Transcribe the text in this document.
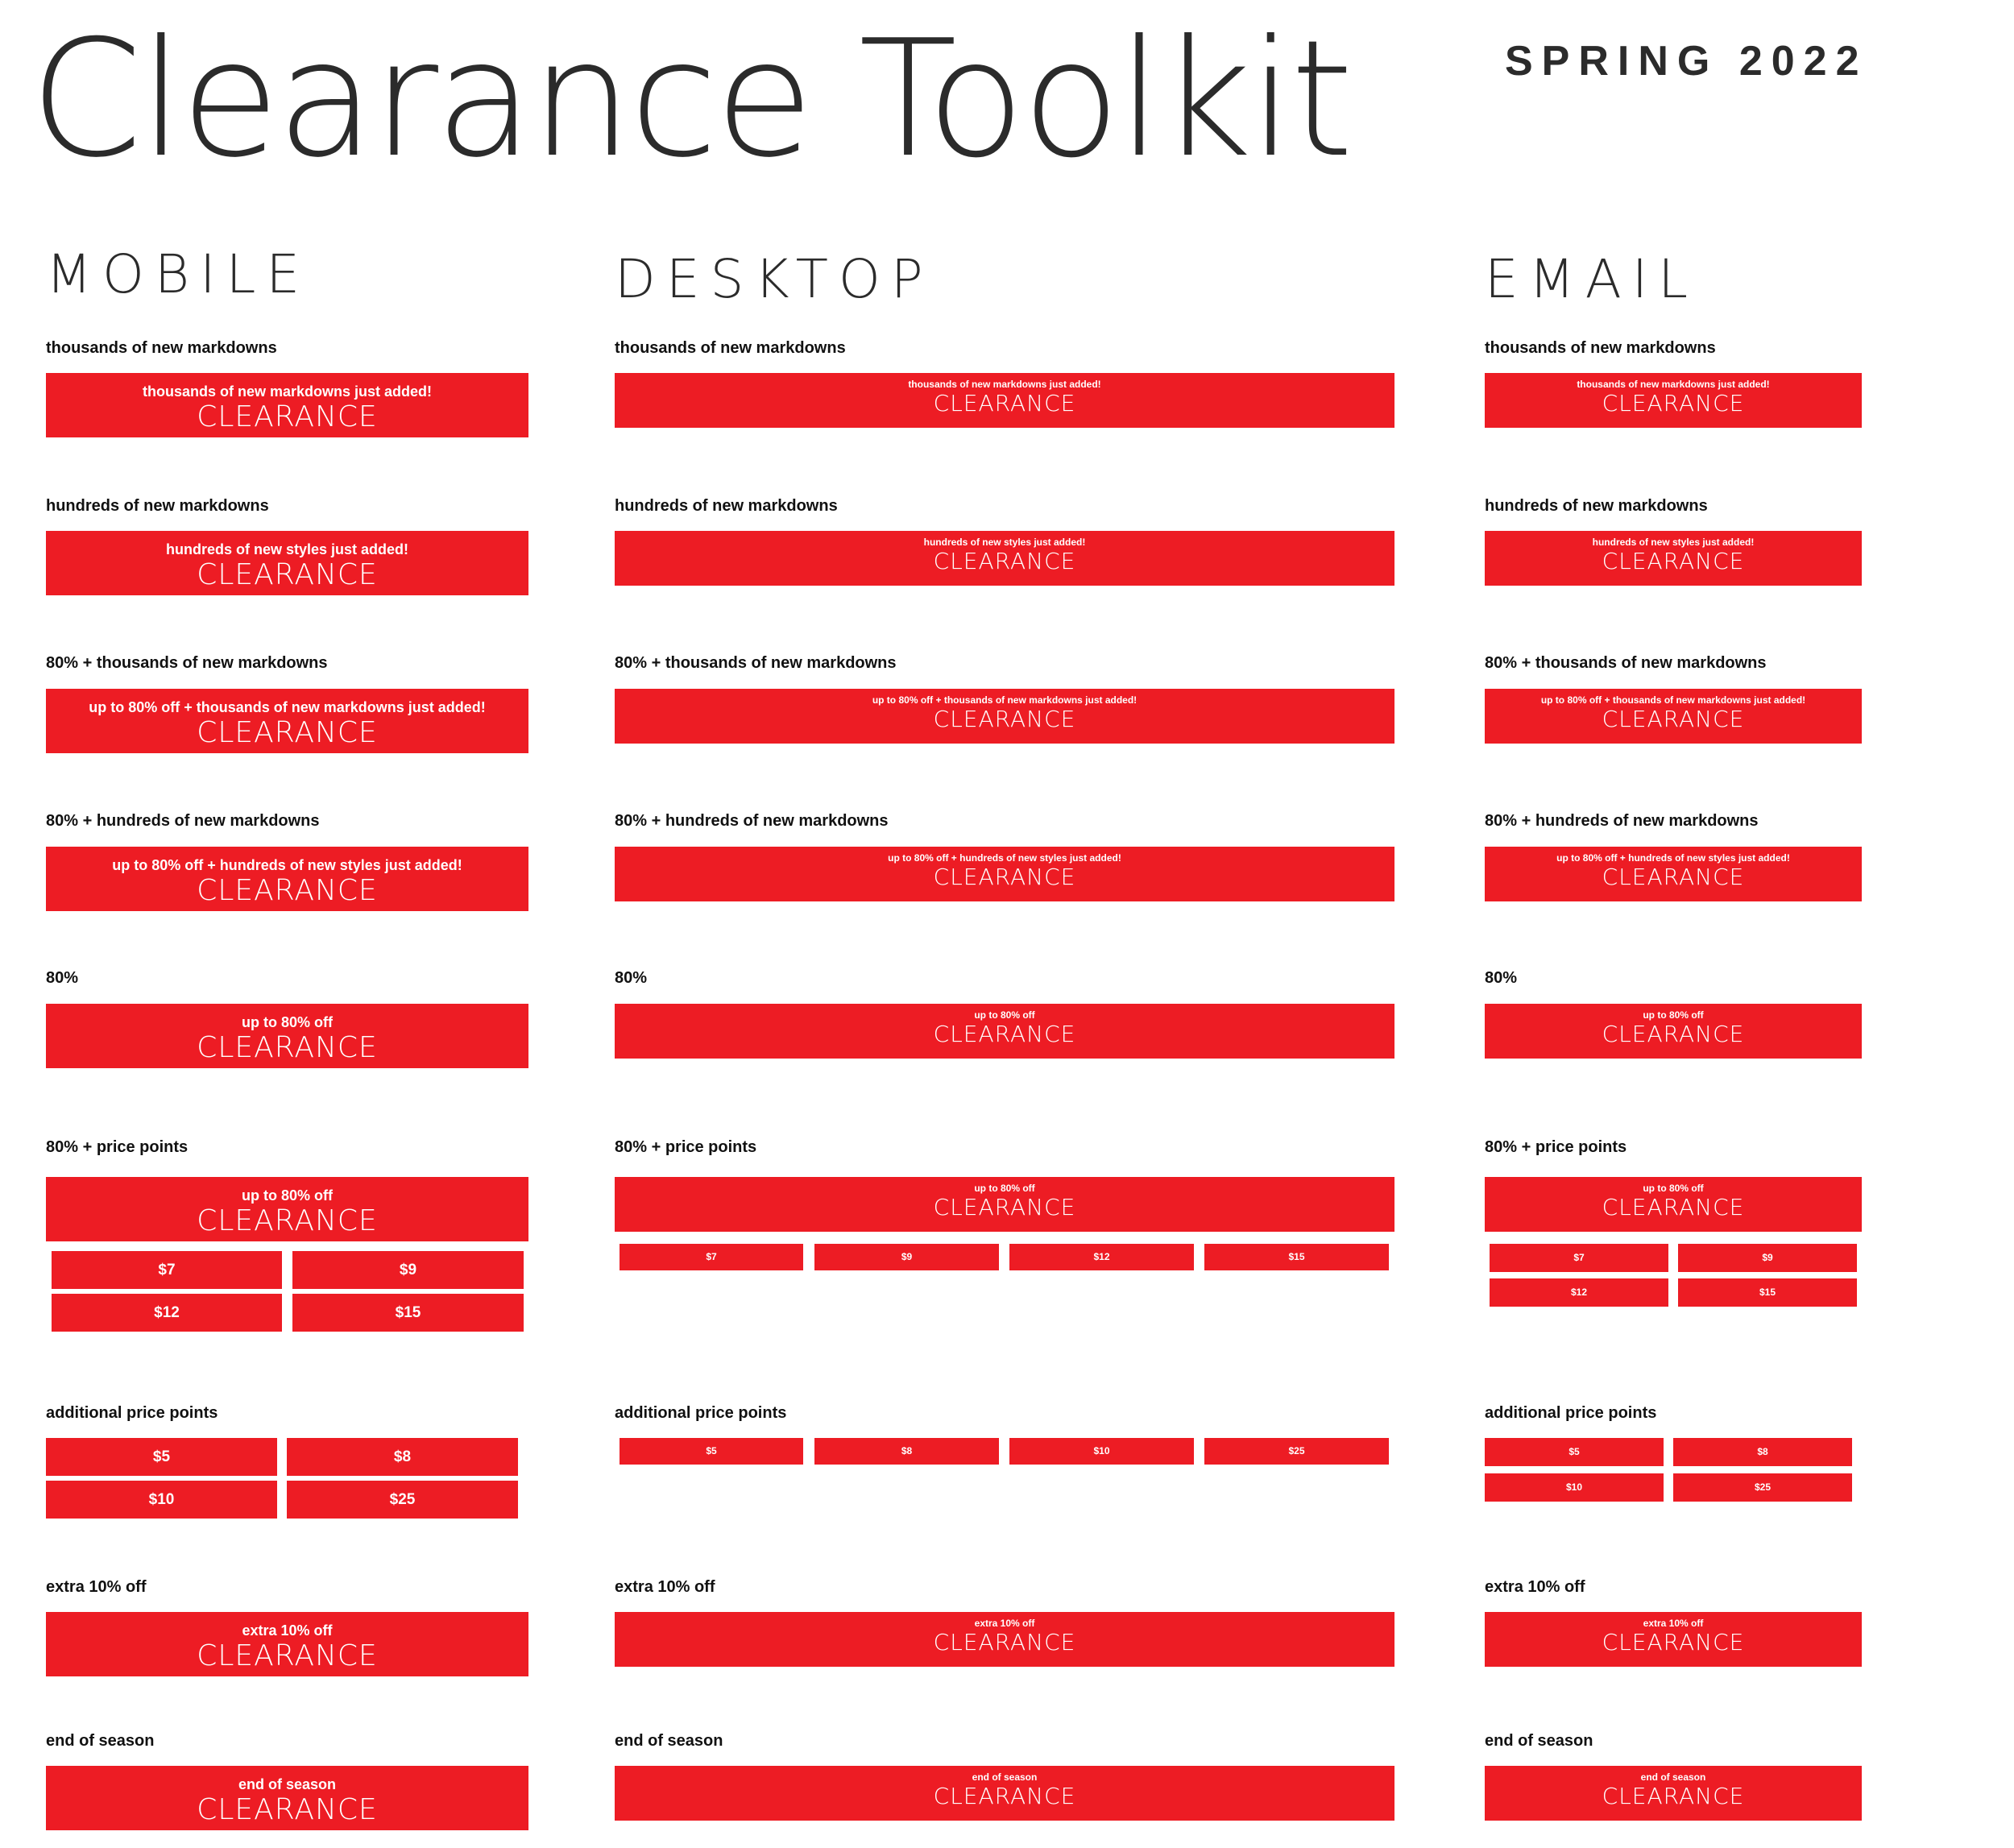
Clearance Toolkit	SPRING 2022
MOBILE	DESKTOP	EMAIL
thousands of new markdowns
thousands of new markdowns just added!
CLEARANCE
thousands of new markdowns
thousands of new markdowns just added!
CLEARANCE
thousands of new markdowns
thousands of new markdowns just added!
CLEARANCE
hundreds of new markdowns
hundreds of new styles just added!
CLEARANCE
hundreds of new markdowns
hundreds of new styles just added!
CLEARANCE
hundreds of new markdowns
hundreds of new styles just added!
CLEARANCE
80% + thousands of new markdowns
up to 80% off + thousands of new markdowns just added!
CLEARANCE
80% + thousands of new markdowns
up to 80% off + thousands of new markdowns just added!
CLEARANCE
80% + thousands of new markdowns
up to 80% off + thousands of new markdowns just added!
CLEARANCE
80% + hundreds of new markdowns
up to 80% off + hundreds of new styles just added!
CLEARANCE
80% + hundreds of new markdowns
up to 80% off + hundreds of new styles just added!
CLEARANCE
80% + hundreds of new markdowns
up to 80% off + hundreds of new styles just added!
CLEARANCE
80%
up to 80% off
CLEARANCE
80%
up to 80% off
CLEARANCE
80%
up to 80% off
CLEARANCE
80% + price points
up to 80% off
CLEARANCE
$7	$9
$12	$15
80% + price points
up to 80% off
CLEARANCE
$7	$9	$12	$15
80% + price points
up to 80% off
CLEARANCE
$7	$9
$12	$15
additional price points
$5	$8
$10	$25
additional price points
$5	$8	$10	$25
additional price points
$5	$8
$10	$25
extra 10% off
extra 10% off
CLEARANCE
extra 10% off
extra 10% off
CLEARANCE
extra 10% off
extra 10% off
CLEARANCE
end of season
end of season
CLEARANCE
end of season
end of season
CLEARANCE
end of season
end of season
CLEARANCE
